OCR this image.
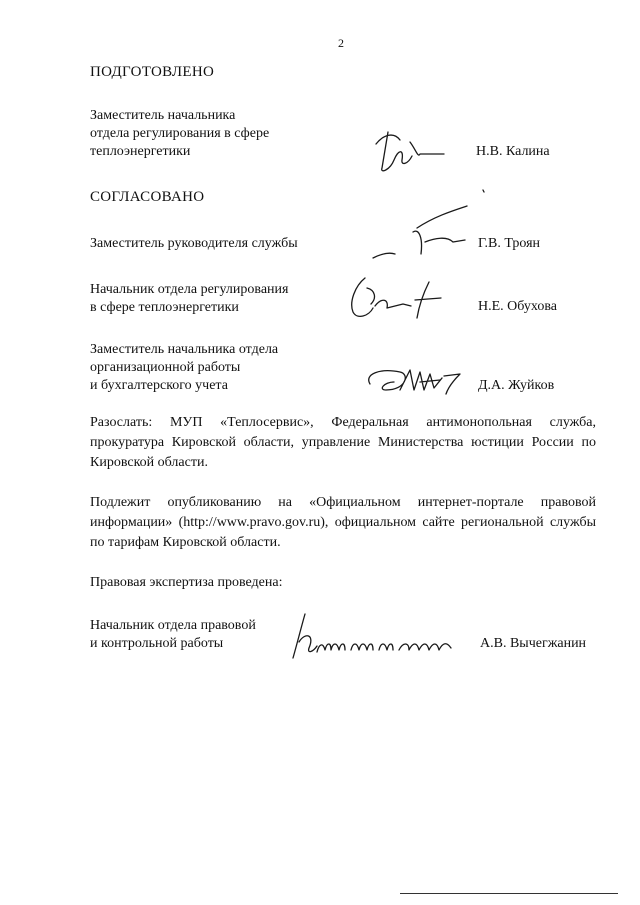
2
ПОДГОТОВЛЕНО
Заместитель начальника
отдела регулирования в сфере
теплоэнергетики	Н.В. Калина
СОГЛАСОВАНО
Заместитель руководителя службы	Г.В. Троян
Начальник отдела регулирования
в сфере теплоэнергетики	Н.Е. Обухова
Заместитель начальника отдела
организационной работы
и бухгалтерского учета	Д.А. Жуйков
Разослать: МУП «Теплосервис», Федеральная антимонопольная служба, прокуратура Кировской области, управление Министерства юстиции России по Кировской области.
Подлежит опубликованию на «Официальном интернет-портале правовой информации» (http://www.pravo.gov.ru), официальном сайте региональной службы по тарифам Кировской области.
Правовая экспертиза проведена:
Начальник отдела правовой
и контрольной работы	А.В. Вычегжанин
